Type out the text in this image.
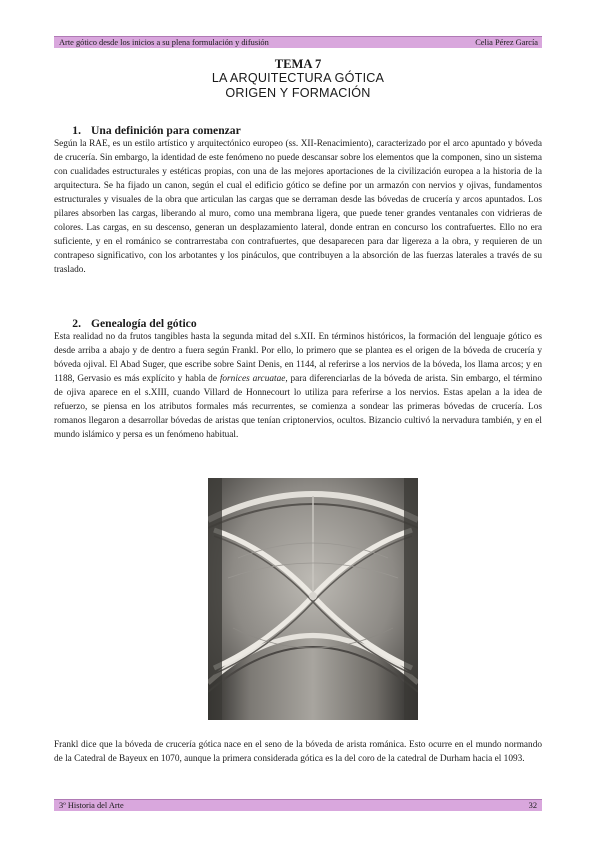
Arte gótico desde los inicios a su plena formulación y difusión	Celia Pérez García
TEMA 7
LA ARQUITECTURA GÓTICA
ORIGEN Y FORMACIÓN
1. Una definición para comenzar

Según la RAE, es un estilo artístico y arquitectónico europeo (ss. XII-Renacimiento), caracterizado por el arco apuntado y bóveda de crucería. Sin embargo, la identidad de este fenómeno no puede descansar sobre los elementos que la componen, sino un sistema con cualidades estructurales y estéticas propias, con una de las mejores aportaciones de la civilización europea a la historia de la arquitectura. Se ha fijado un canon, según el cual el edificio gótico se define por un armazón con nervios y ojivas, fundamentos estructurales y visuales de la obra que articulan las cargas que se derraman desde las bóvedas de crucería y arcos apuntados. Los pilares absorben las cargas, liberando al muro, como una membrana ligera, que puede tener grandes ventanales con vidrieras de colores. Las cargas, en su descenso, generan un desplazamiento lateral, donde entran en concurso los contrafuertes. Ello no era suficiente, y en el románico se contrarrestaba con contrafuertes, que desaparecen para dar ligereza a la obra, y requieren de un contrapeso significativo, con los arbotantes y los pináculos, que contribuyen a la absorción de las fuerzas laterales a través de su traslado.

2. Genealogía del gótico

Esta realidad no da frutos tangibles hasta la segunda mitad del s.XII. En términos históricos, la formación del lenguaje gótico es desde arriba a abajo y de dentro a fuera según Frankl. Por ello, lo primero que se plantea es el origen de la bóveda de crucería y bóveda ojival. El Abad Suger, que escribe sobre Saint Denis, en 1144, al referirse a los nervios de la bóveda, los llama arcos; y en 1188, Gervasio es más explícito y habla de fornices arcuatae, para diferenciarlas de la bóveda de arista. Sin embargo, el término de ojiva aparece en el s.XIII, cuando Villard de Honnecourt lo utiliza para referirse a los nervios. Estas apelan a la idea de refuerzo, se piensa en los atributos formales más recurrentes, se comienza a sondear las primeras bóvedas de crucería. Los romanos llegaron a desarrollar bóvedas de aristas que tenían criptonervios, ocultos. Bizancio cultivó la nervadura también, y en el mundo islámico y persa es un fenómeno habitual.

Frankl dice que la bóveda de crucería gótica nace en el seno de la bóveda de arista románica. Esto ocurre en el mundo normando de la Catedral de Bayeux en 1070, aunque la primera considerada gótica es la del coro de la catedral de Durham hacia el 1093.

3º Historia del Arte	32
